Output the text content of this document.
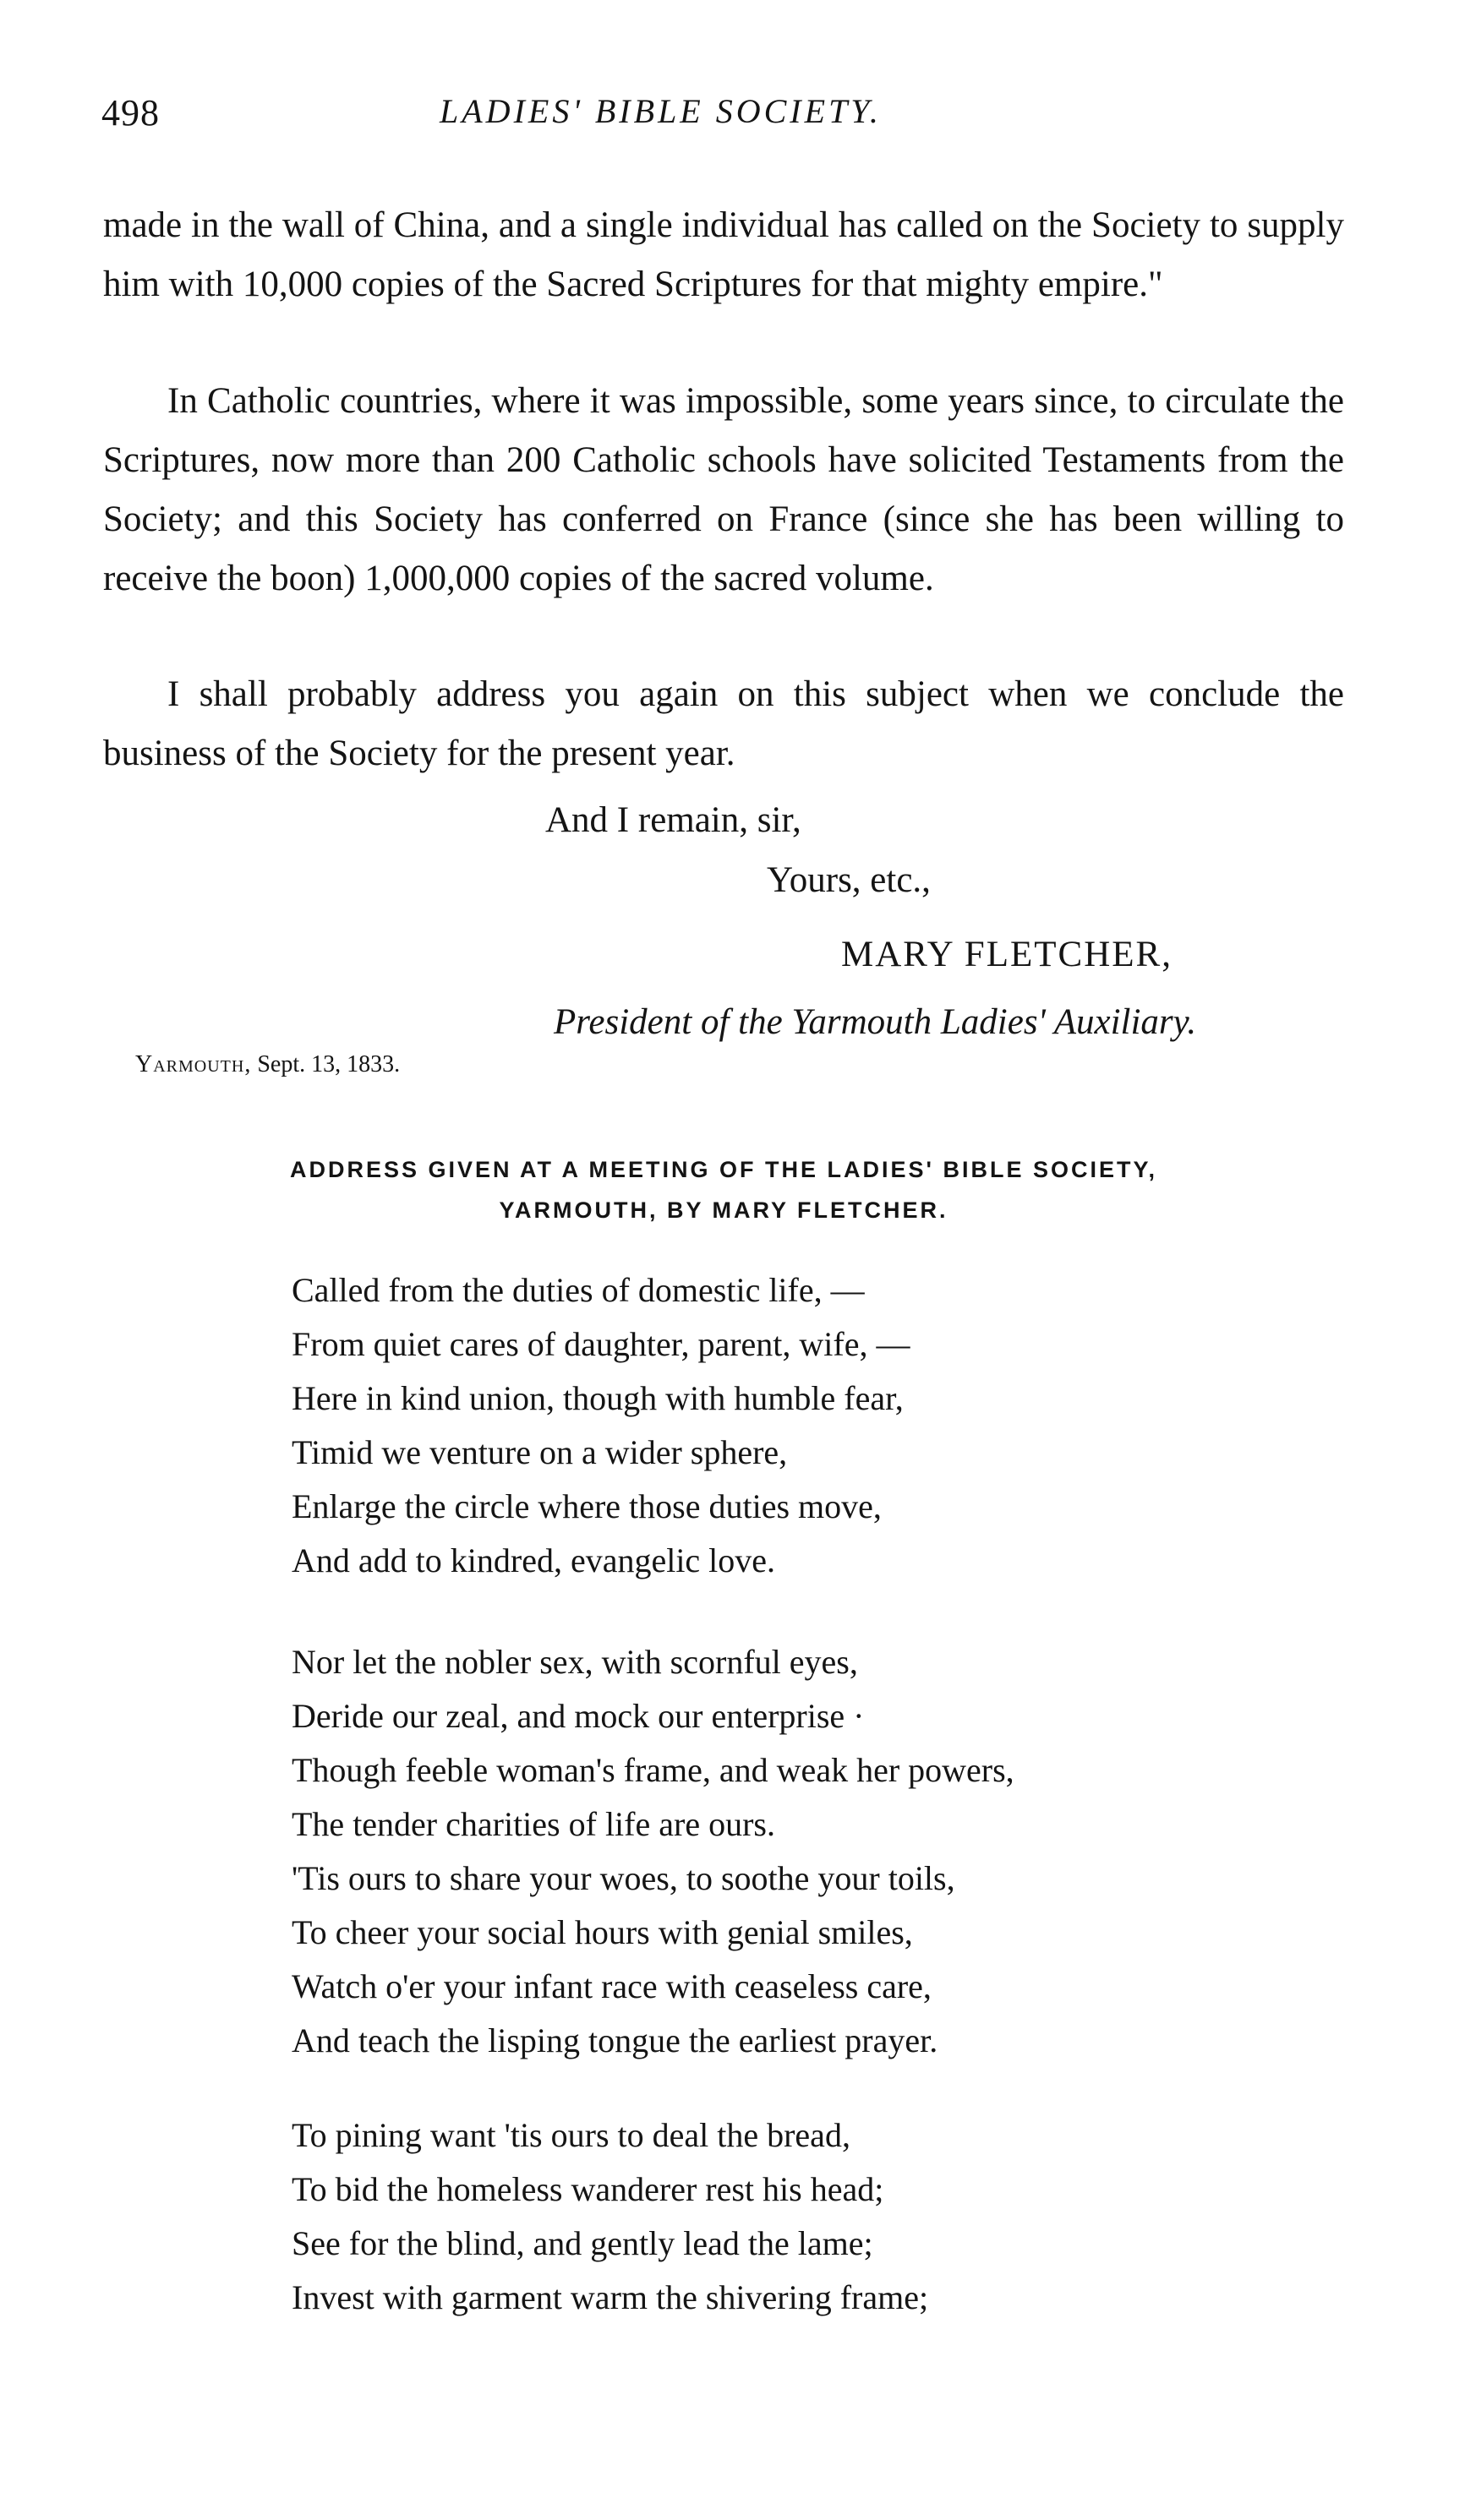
498	LADIES' BIBLE SOCIETY.

made in the wall of China, and a single individual has called on the Society to supply him with 10,000 copies of the Sacred Scriptures for that mighty empire."

In Catholic countries, where it was impossible, some years since, to circulate the Scriptures, now more than 200 Catholic schools have solicited Testaments from the Society; and this Society has conferred on France (since she has been willing to receive the boon) 1,000,000 copies of the sacred volume.

I shall probably address you again on this subject when we conclude the business of the Society for the present year.

And I remain, sir,
Yours, etc.,
MARY FLETCHER,
President of the Yarmouth Ladies' Auxiliary.
Yarmouth, Sept. 13, 1833.
ADDRESS GIVEN AT A MEETING OF THE LADIES' BIBLE SOCIETY,
YARMOUTH, BY MARY FLETCHER.
Called from the duties of domestic life, —
From quiet cares of daughter, parent, wife, —
Here in kind union, though with humble fear,
Timid we venture on a wider sphere,
Enlarge the circle where those duties move,
And add to kindred, evangelic love.
Nor let the nobler sex, with scornful eyes,
Deride our zeal, and mock our enterprise ·
Though feeble woman's frame, and weak her powers,
The tender charities of life are ours.
'Tis ours to share your woes, to soothe your toils,
To cheer your social hours with genial smiles,
Watch o'er your infant race with ceaseless care,
And teach the lisping tongue the earliest prayer.
To pining want 'tis ours to deal the bread,
To bid the homeless wanderer rest his head;
See for the blind, and gently lead the lame;
Invest with garment warm the shivering frame;
